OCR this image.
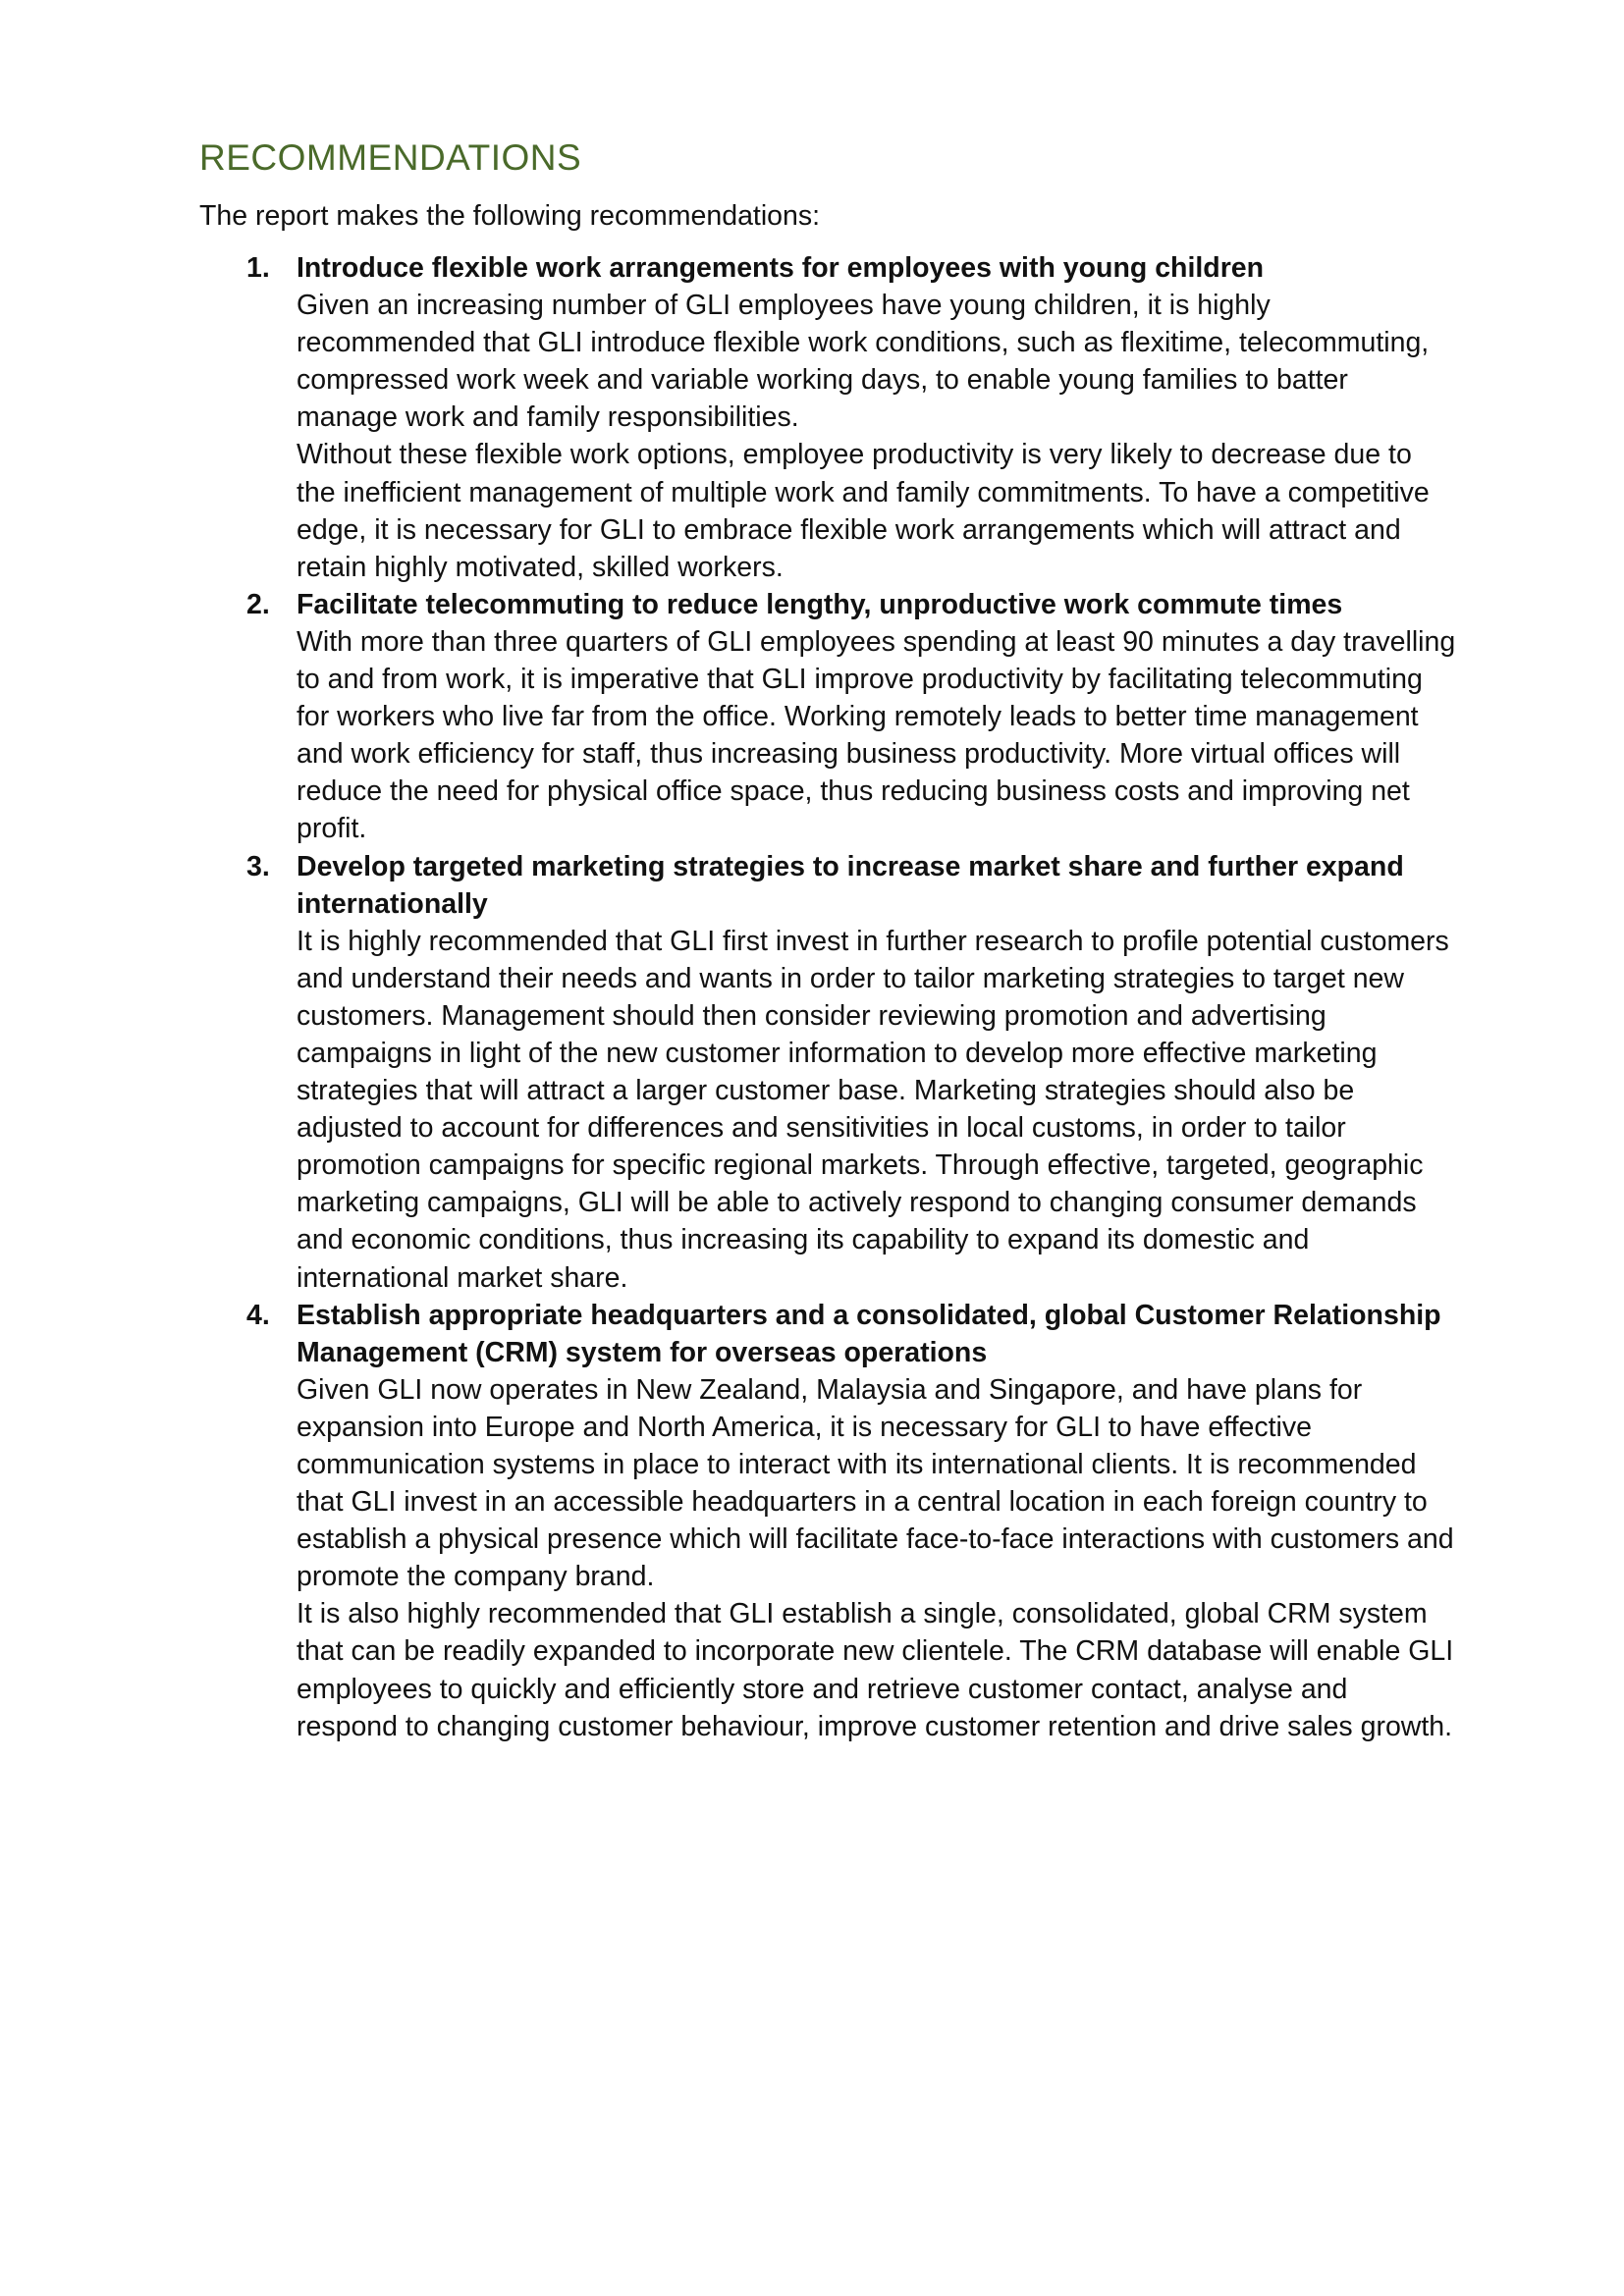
RECOMMENDATIONS

The report makes the following recommendations:

1. Introduce flexible work arrangements for employees with young children
Given an increasing number of GLI employees have young children, it is highly recommended that GLI introduce flexible work conditions, such as flexitime, telecommuting, compressed work week and variable working days, to enable young families to batter manage work and family responsibilities.
Without these flexible work options, employee productivity is very likely to decrease due to the inefficient management of multiple work and family commitments. To have a competitive edge, it is necessary for GLI to embrace flexible work arrangements which will attract and retain highly motivated, skilled workers.
2. Facilitate telecommuting to reduce lengthy, unproductive work commute times
With more than three quarters of GLI employees spending at least 90 minutes a day travelling to and from work, it is imperative that GLI improve productivity by facilitating telecommuting for workers who live far from the office. Working remotely leads to better time management and work efficiency for staff, thus increasing business productivity. More virtual offices will reduce the need for physical office space, thus reducing business costs and improving net profit.
3. Develop targeted marketing strategies to increase market share and further expand internationally
It is highly recommended that GLI first invest in further research to profile potential customers and understand their needs and wants in order to tailor marketing strategies to target new customers. Management should then consider reviewing promotion and advertising campaigns in light of the new customer information to develop more effective marketing strategies that will attract a larger customer base. Marketing strategies should also be adjusted to account for differences and sensitivities in local customs, in order to tailor promotion campaigns for specific regional markets. Through effective, targeted, geographic marketing campaigns, GLI will be able to actively respond to changing consumer demands and economic conditions, thus increasing its capability to expand its domestic and international market share.
4. Establish appropriate headquarters and a consolidated, global Customer Relationship Management (CRM) system for overseas operations
Given GLI now operates in New Zealand, Malaysia and Singapore, and have plans for expansion into Europe and North America, it is necessary for GLI to have effective communication systems in place to interact with its international clients. It is recommended that GLI invest in an accessible headquarters in a central location in each foreign country to establish a physical presence which will facilitate face-to-face interactions with customers and promote the company brand.
It is also highly recommended that GLI establish a single, consolidated, global CRM system that can be readily expanded to incorporate new clientele. The CRM database will enable GLI employees to quickly and efficiently store and retrieve customer contact, analyse and respond to changing customer behaviour, improve customer retention and drive sales growth.
